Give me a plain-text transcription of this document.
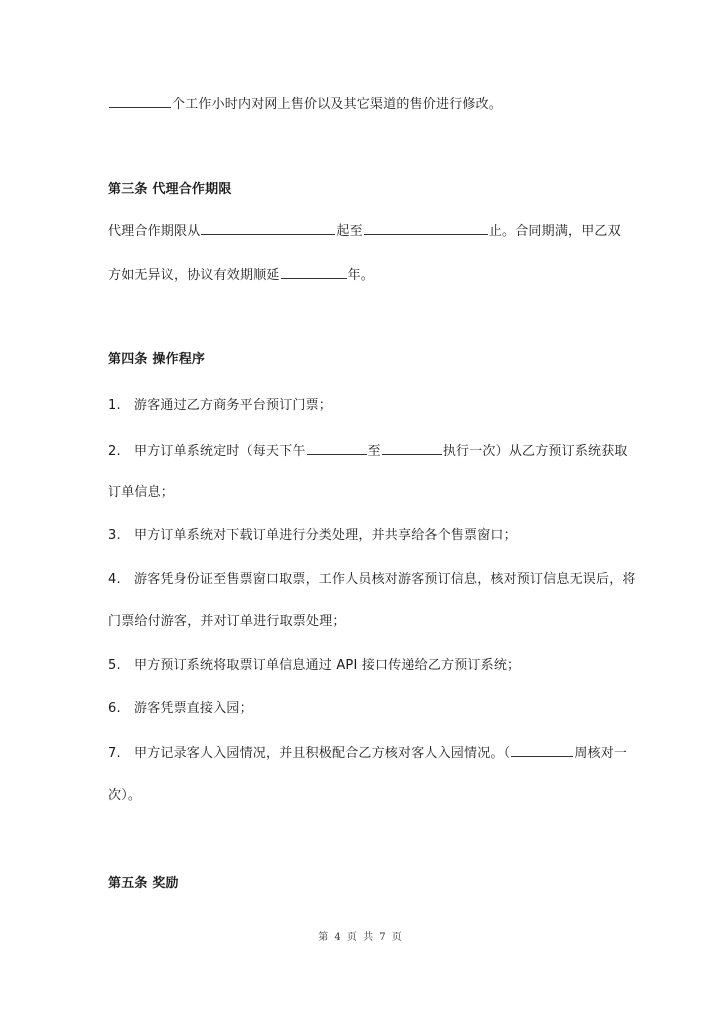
个工作小时内对网上售价以及其它渠道的售价进行修改。
第三条 代理合作期限
代理合作期限从	起至	止。合同期满，甲乙双
方如无异议，协议有效期顺延	年。
第四条 操作程序
1. 游客通过乙方商务平台预订门票；
2. 甲方订单系统定时（每天下午	至	执行一次）从乙方预订系统获取
订单信息；
3. 甲方订单系统对下载订单进行分类处理，并共享给各个售票窗口；
4. 游客凭身份证至售票窗口取票，工作人员核对游客预订信息，核对预订信息无误后，将
门票给付游客，并对订单进行取票处理；
5. 甲方预订系统将取票订单信息通过 API 接口传递给乙方预订系统；
6. 游客凭票直接入园；
7. 甲方记录客人入园情况，并且积极配合乙方核对客人入园情况。（	周核对一
次）。
第五条 奖励
第 4 页 共 7 页
